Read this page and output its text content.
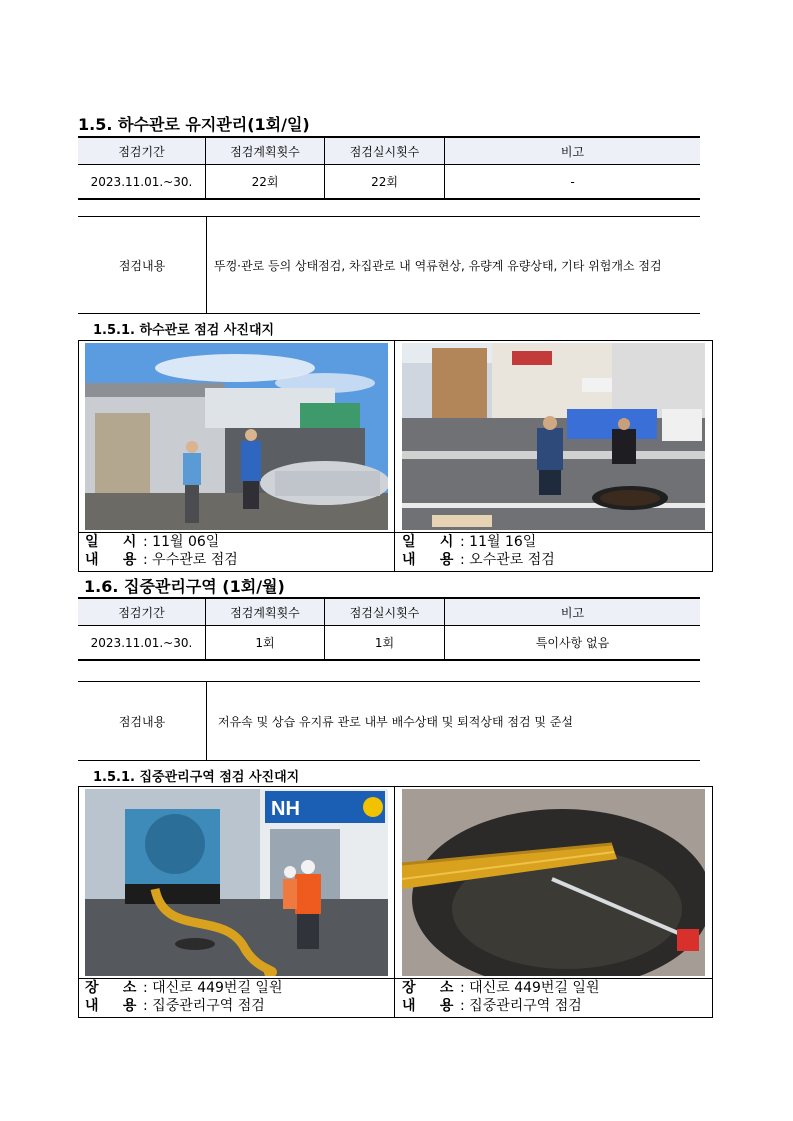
1.5. 하수관로 유지관리(1회/일)
점검기간	점검계획횟수	점검실시횟수	비고
2023.11.01.~30.	22회	22회	-
점검내용	뚜껑·관로 등의 상태점검, 차집관로 내 역류현상, 유량계 유량상태, 기타 위험개소 점검
1.5.1. 하수관로 점검 사진대지
일 시 : 11월 06일
내 용 : 우수관로 점검
일 시 : 11월 16일
내 용 : 오수관로 점검
1.6. 집중관리구역 (1회/월)
점검기간	점검계획횟수	점검실시횟수	비고
2023.11.01.~30.	1회	1회	특이사항 없음
점검내용	저유속 및 상습 유지류 관로 내부 배수상태 및 퇴적상태 점검 및 준설
1.5.1. 집중관리구역 점검 사진대지
NH
장 소 : 대신로 449번길 일원
내 용 : 집중관리구역 점검
장 소 : 대신로 449번길 일원
내 용 : 집중관리구역 점검
